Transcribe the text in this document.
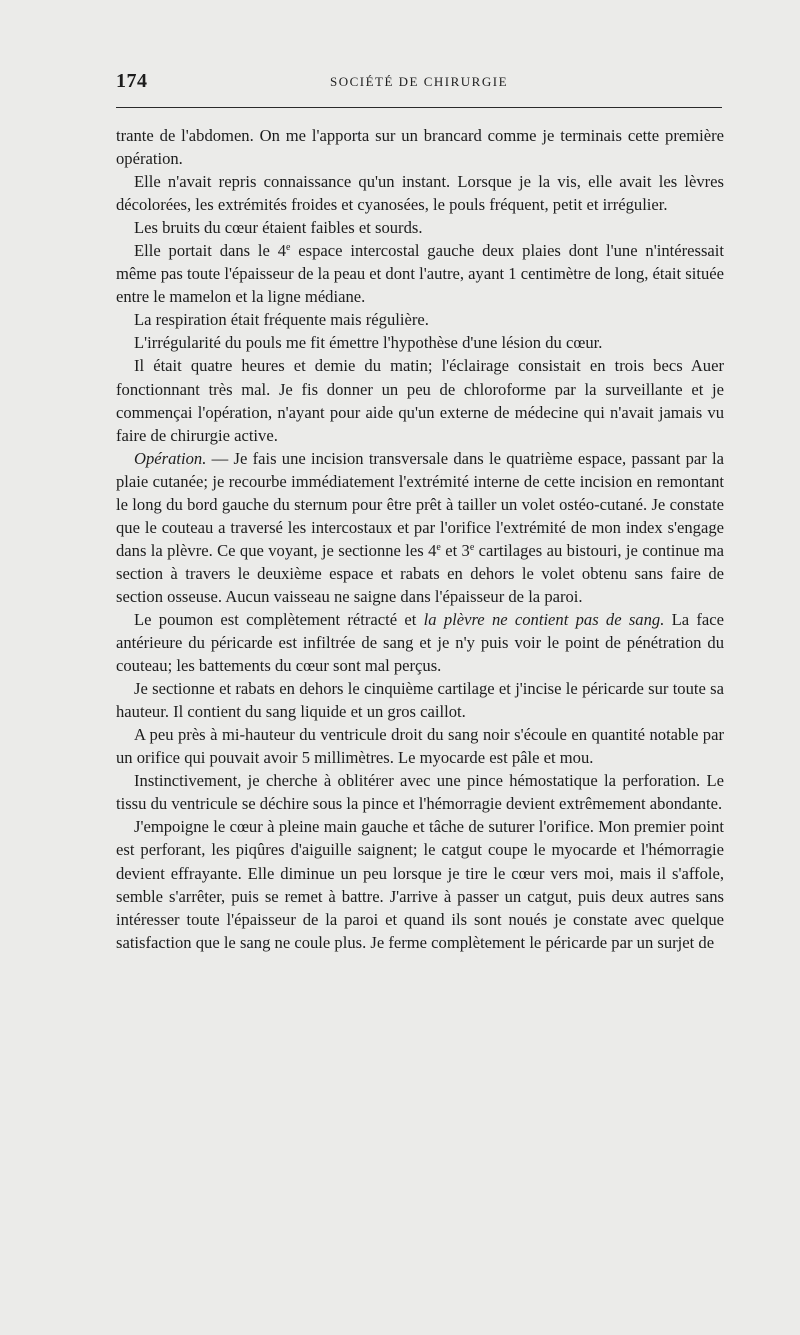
174	SOCIÉTÉ DE CHIRURGIE

trante de l'abdomen. On me l'apporta sur un brancard comme je terminais cette première opération.

Elle n'avait repris connaissance qu'un instant. Lorsque je la vis, elle avait les lèvres décolorées, les extrémités froides et cyanosées, le pouls fréquent, petit et irrégulier.

Les bruits du cœur étaient faibles et sourds.

Elle portait dans le 4e espace intercostal gauche deux plaies dont l'une n'intéressait même pas toute l'épaisseur de la peau et dont l'autre, ayant 1 centimètre de long, était située entre le mamelon et la ligne médiane.

La respiration était fréquente mais régulière.

L'irrégularité du pouls me fit émettre l'hypothèse d'une lésion du cœur.

Il était quatre heures et demie du matin; l'éclairage consistait en trois becs Auer fonctionnant très mal. Je fis donner un peu de chloroforme par la surveillante et je commençai l'opération, n'ayant pour aide qu'un externe de médecine qui n'avait jamais vu faire de chirurgie active.

Opération. — Je fais une incision transversale dans le quatrième espace, passant par la plaie cutanée; je recourbe immédiatement l'extrémité interne de cette incision en remontant le long du bord gauche du sternum pour être prêt à tailler un volet ostéo-cutané. Je constate que le couteau a traversé les intercostaux et par l'orifice l'extrémité de mon index s'engage dans la plèvre. Ce que voyant, je sectionne les 4e et 3e cartilages au bistouri, je continue ma section à travers le deuxième espace et rabats en dehors le volet obtenu sans faire de section osseuse. Aucun vaisseau ne saigne dans l'épaisseur de la paroi.

Le poumon est complètement rétracté et la plèvre ne contient pas de sang. La face antérieure du péricarde est infiltrée de sang et je n'y puis voir le point de pénétration du couteau; les battements du cœur sont mal perçus.

Je sectionne et rabats en dehors le cinquième cartilage et j'incise le péricarde sur toute sa hauteur. Il contient du sang liquide et un gros caillot.

A peu près à mi-hauteur du ventricule droit du sang noir s'écoule en quantité notable par un orifice qui pouvait avoir 5 millimètres. Le myocarde est pâle et mou.

Instinctivement, je cherche à oblitérer avec une pince hémostatique la perforation. Le tissu du ventricule se déchire sous la pince et l'hémorragie devient extrêmement abondante.

J'empoigne le cœur à pleine main gauche et tâche de suturer l'orifice. Mon premier point est perforant, les piqûres d'aiguille saignent; le catgut coupe le myocarde et l'hémorragie devient effrayante. Elle diminue un peu lorsque je tire le cœur vers moi, mais il s'affole, semble s'arrêter, puis se remet à battre. J'arrive à passer un catgut, puis deux autres sans intéresser toute l'épaisseur de la paroi et quand ils sont noués je constate avec quelque satisfaction que le sang ne coule plus. Je ferme complètement le péricarde par un surjet de
